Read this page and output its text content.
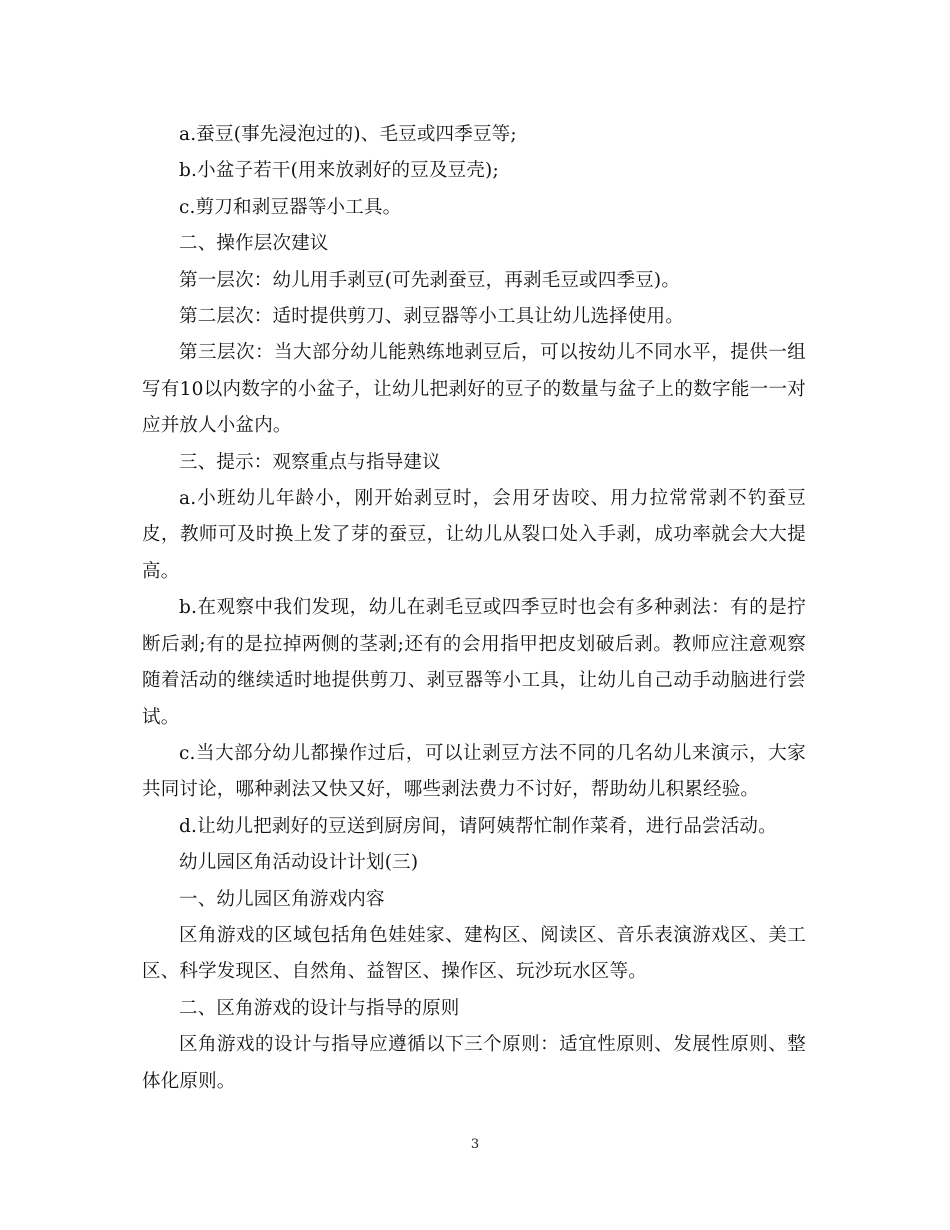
a.蚕豆(事先浸泡过的)、毛豆或四季豆等;

b.小盆子若干(用来放剥好的豆及豆壳);

c.剪刀和剥豆器等小工具。

二、操作层次建议

第一层次：幼儿用手剥豆(可先剥蚕豆，再剥毛豆或四季豆)。

第二层次：适时提供剪刀、剥豆器等小工具让幼儿选择使用。

第三层次：当大部分幼儿能熟练地剥豆后，可以按幼儿不同水平，提供一组写有10以内数字的小盆子，让幼儿把剥好的豆子的数量与盆子上的数字能一一对应并放人小盆内。

三、提示：观察重点与指导建议

a.小班幼儿年龄小，刚开始剥豆时，会用牙齿咬、用力拉常常剥不钓蚕豆皮，教师可及时换上发了芽的蚕豆，让幼儿从裂口处入手剥，成功率就会大大提高。

b.在观察中我们发现，幼儿在剥毛豆或四季豆时也会有多种剥法：有的是拧断后剥;有的是拉掉两侧的茎剥;还有的会用指甲把皮划破后剥。教师应注意观察随着活动的继续适时地提供剪刀、剥豆器等小工具，让幼儿自己动手动脑进行尝试。

c.当大部分幼儿都操作过后，可以让剥豆方法不同的几名幼儿来演示，大家共同讨论，哪种剥法又快又好，哪些剥法费力不讨好，帮助幼儿积累经验。

d.让幼儿把剥好的豆送到厨房间，请阿姨帮忙制作菜肴，进行品尝活动。

幼儿园区角活动设计计划(三)

一、幼儿园区角游戏内容

区角游戏的区域包括角色娃娃家、建构区、阅读区、音乐表演游戏区、美工区、科学发现区、自然角、益智区、操作区、玩沙玩水区等。

二、区角游戏的设计与指导的原则

区角游戏的设计与指导应遵循以下三个原则：适宜性原则、发展性原则、整体化原则。

3
